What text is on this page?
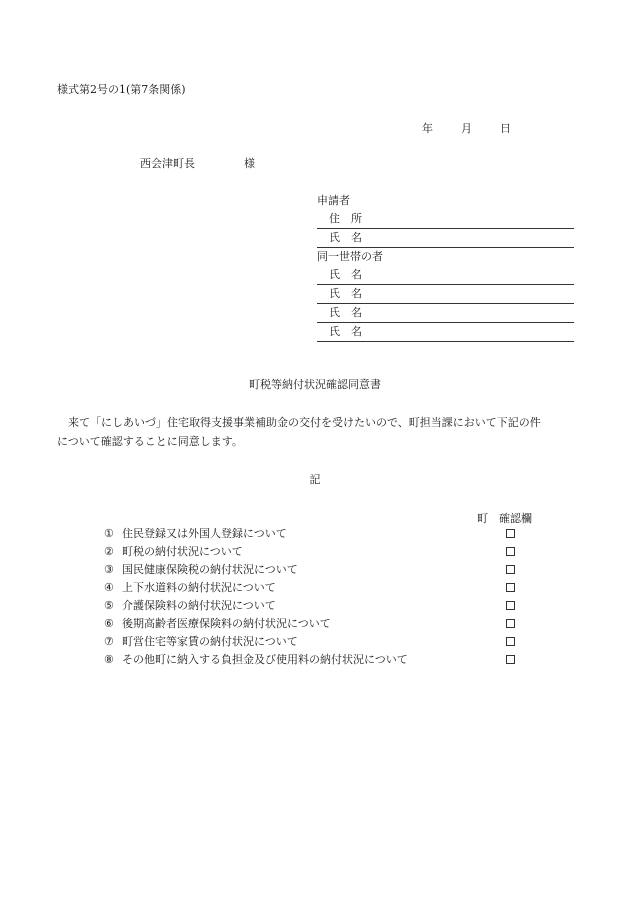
様式第2号の1(第7条関係)
年	月	日
西会津町長	様
申請者
住　所
氏　名
同一世帯の者
氏　名
氏　名
氏　名
氏　名
町税等納付状況確認同意書

来て「にしあいづ」住宅取得支援事業補助金の交付を受けたいので、町担当課において下記の件

について確認することに同意します。

記
町　確認欄
① 住民登録又は外国人登録について
② 町税の納付状況について
③ 国民健康保険税の納付状況について
④ 上下水道料の納付状況について
⑤ 介護保険料の納付状況について
⑥ 後期高齢者医療保険料の納付状況について
⑦ 町営住宅等家賃の納付状況について
⑧ その他町に納入する負担金及び使用料の納付状況について
